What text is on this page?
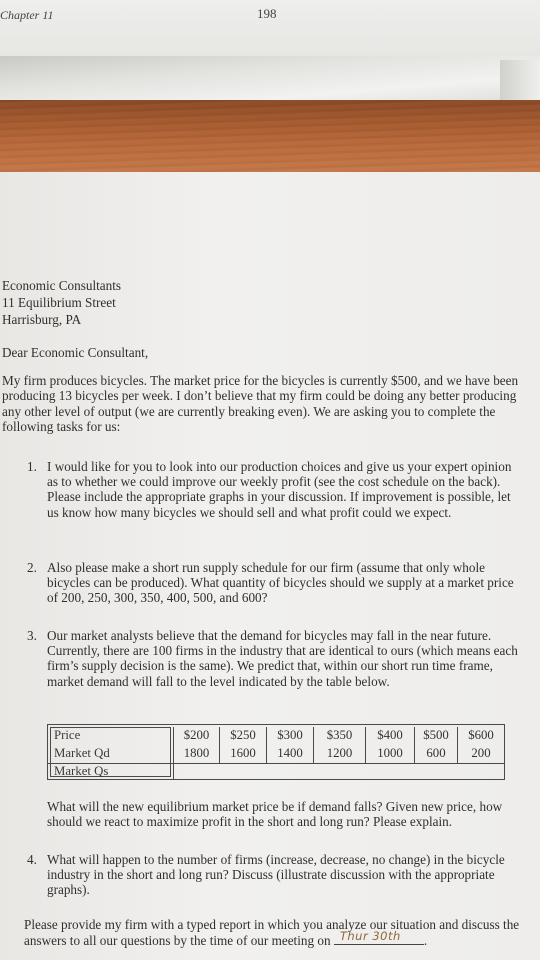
Chapter 11	198
Economic Consultants
11 Equilibrium Street
Harrisburg, PA
Dear Economic Consultant,
My firm produces bicycles. The market price for the bicycles is currently $500, and we have been producing 13 bicycles per week. I don’t believe that my firm could be doing any better producing any other level of output (we are currently breaking even). We are asking you to complete the following tasks for us:
1. I would like for you to look into our production choices and give us your expert opinion as to whether we could improve our weekly profit (see the cost schedule on the back). Please include the appropriate graphs in your discussion. If improvement is possible, let us know how many bicycles we should sell and what profit could we expect.
2. Also please make a short run supply schedule for our firm (assume that only whole bicycles can be produced). What quantity of bicycles should we supply at a market price of 200, 250, 300, 350, 400, 500, and 600?
3. Our market analysts believe that the demand for bicycles may fall in the near future. Currently, there are 100 firms in the industry that are identical to ours (which means each firm’s supply decision is the same). We predict that, within our short run time frame, market demand will fall to the level indicated by the table below.
Price	$200	$250	$300	$350	$400	$500	$600
Market Qd	1800	1600	1400	1200	1000	600	200
Market Qs
What will the new equilibrium market price be if demand falls? Given new price, how should we react to maximize profit in the short and long run? Please explain.
4. What will happen to the number of firms (increase, decrease, no change) in the bicycle industry in the short and long run? Discuss (illustrate discussion with the appropriate graphs).
Please provide my firm with a typed report in which you analyze our situation and discuss the answers to all our questions by the time of our meeting on Thur 30th .
